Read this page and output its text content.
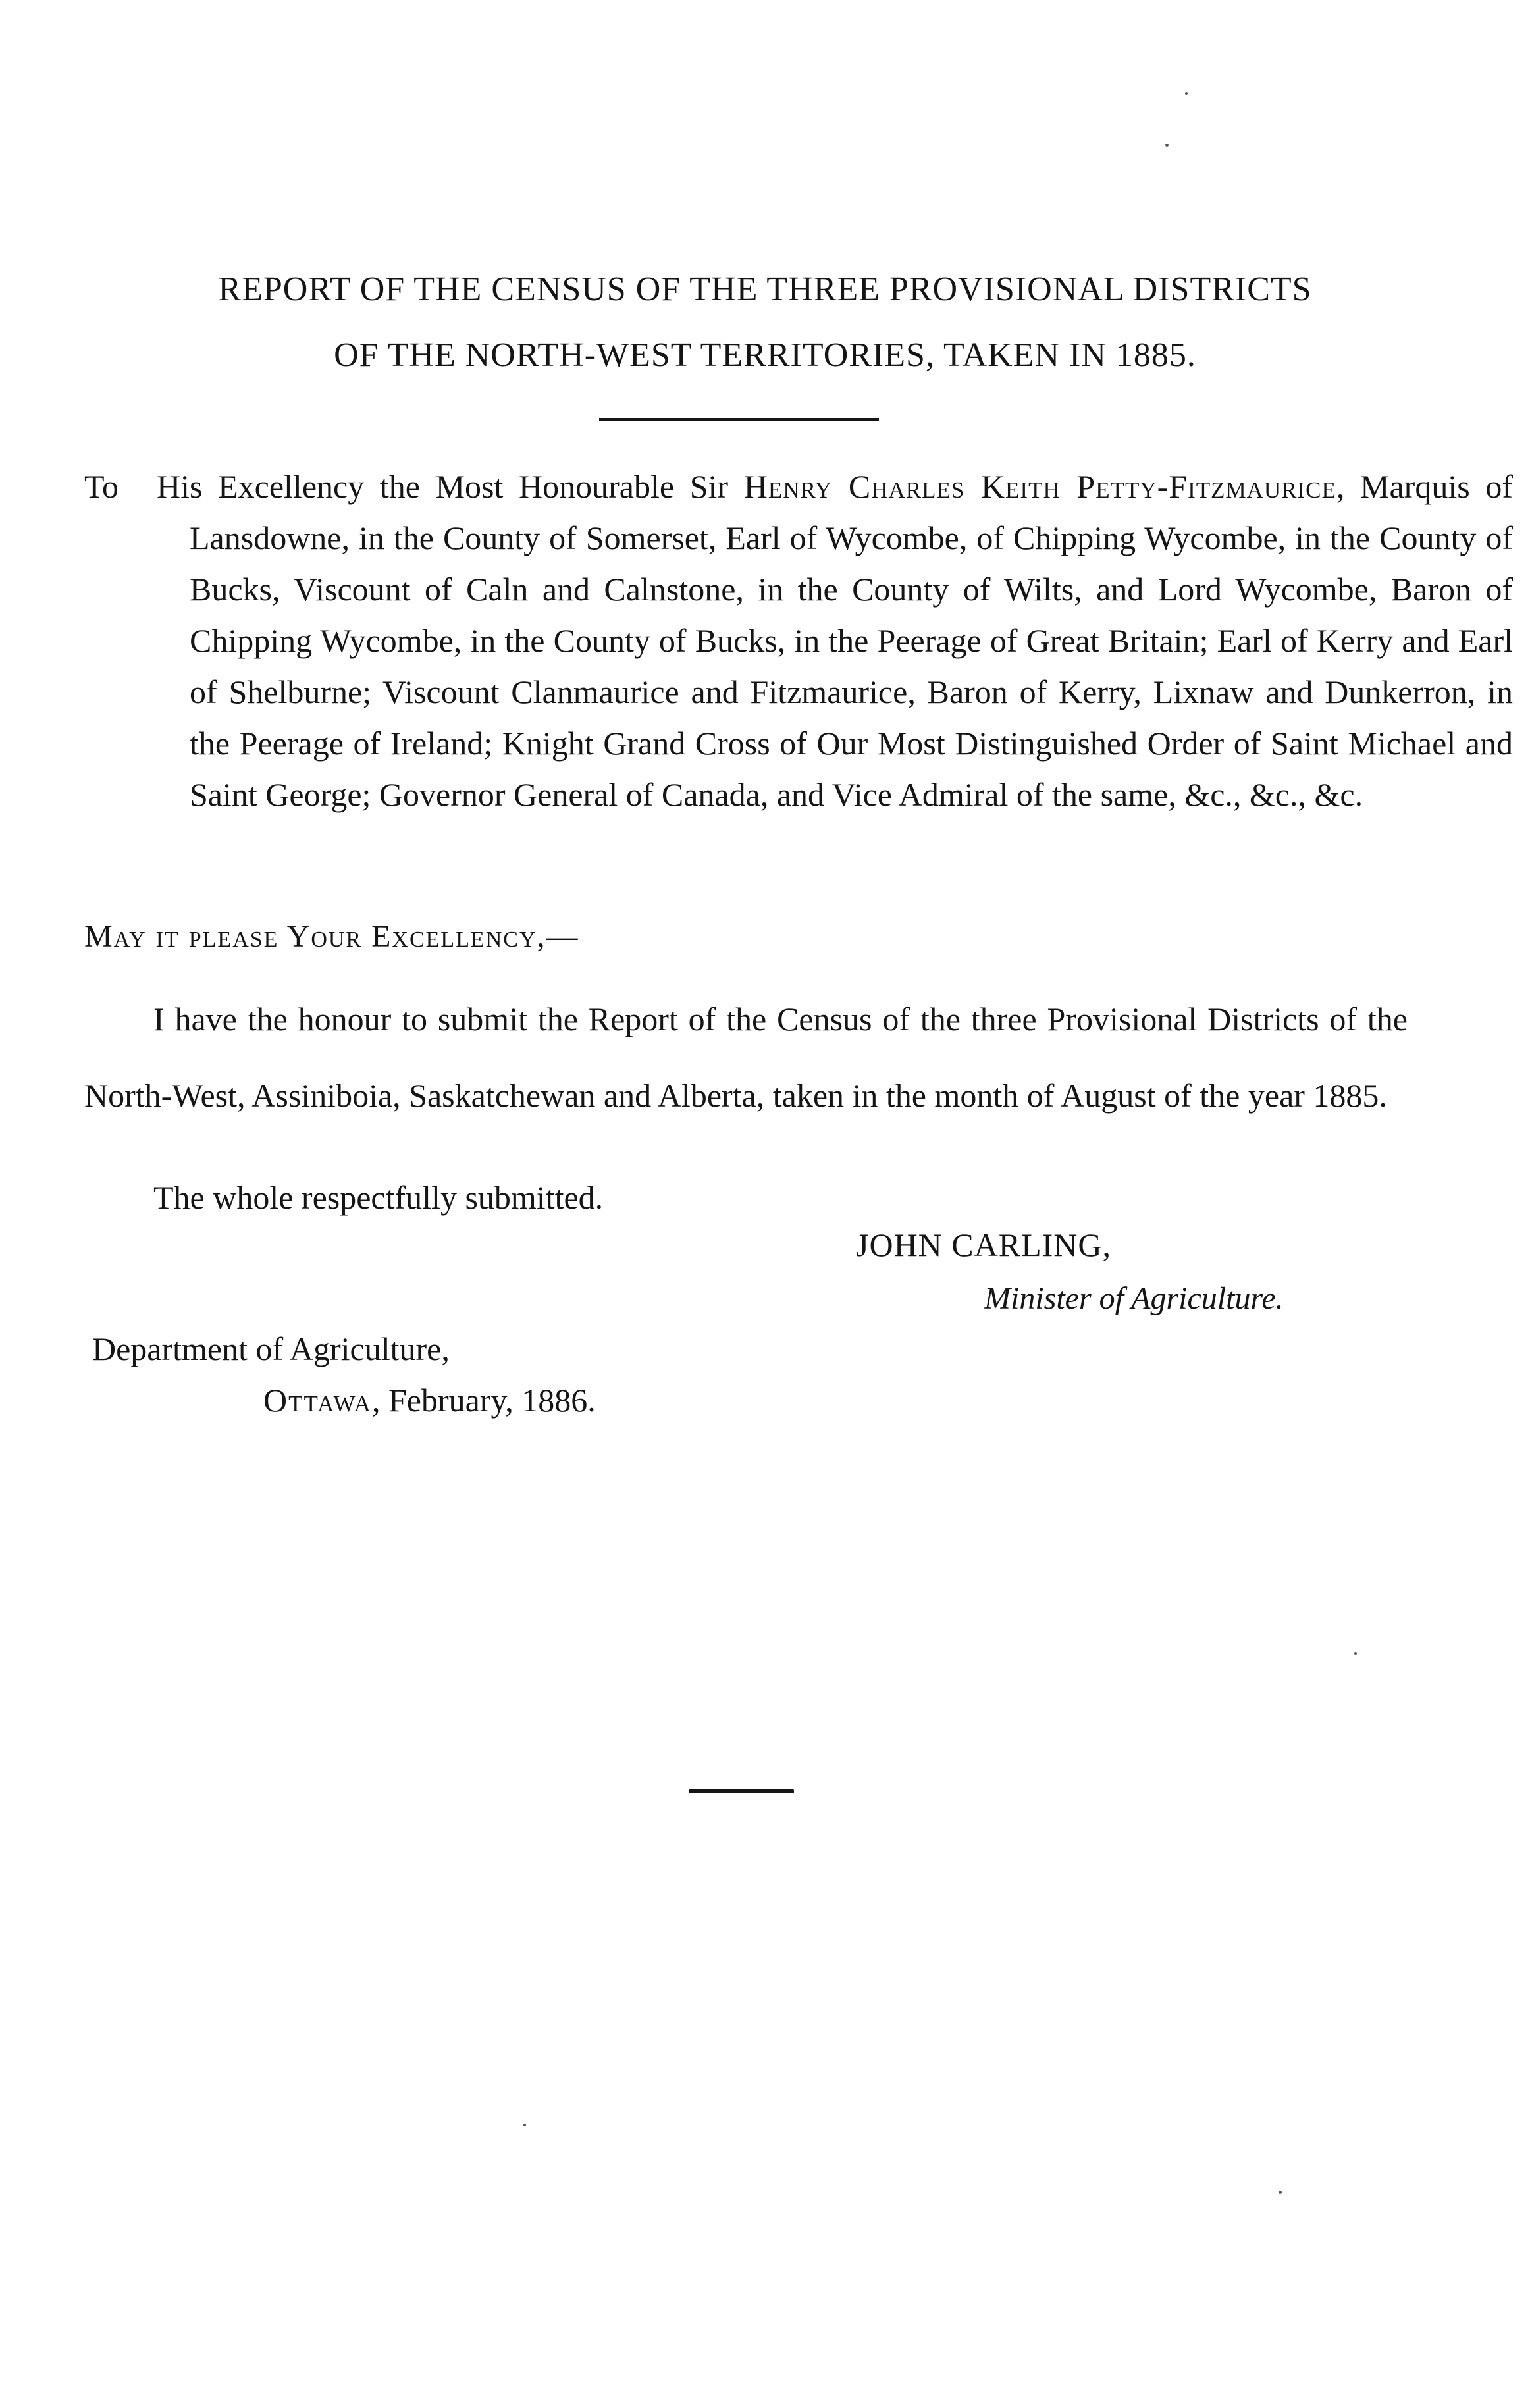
REPORT OF THE CENSUS OF THE THREE PROVISIONAL DISTRICTS
OF THE NORTH-WEST TERRITORIES, TAKEN IN 1885.
To His Excellency the Most Honourable Sir Henry Charles Keith Petty-Fitzmaurice, Marquis of Lansdowne, in the County of Somerset, Earl of Wycombe, of Chipping Wycombe, in the County of Bucks, Viscount of Caln and Calnstone, in the County of Wilts, and Lord Wycombe, Baron of Chipping Wycombe, in the County of Bucks, in the Peerage of Great Britain; Earl of Kerry and Earl of Shelburne; Viscount Clanmaurice and Fitzmaurice, Baron of Kerry, Lixnaw and Dunkerron, in the Peerage of Ireland; Knight Grand Cross of Our Most Distinguished Order of Saint Michael and Saint George; Governor General of Canada, and Vice Admiral of the same, &c., &c., &c.
May it please Your Excellency,—
I have the honour to submit the Report of the Census of the three Provisional Districts of the North-West, Assiniboia, Saskatchewan and Alberta, taken in the month of August of the year 1885.
The whole respectfully submitted.
JOHN CARLING,
Minister of Agriculture.
Department of Agriculture,
Ottawa, February, 1886.
